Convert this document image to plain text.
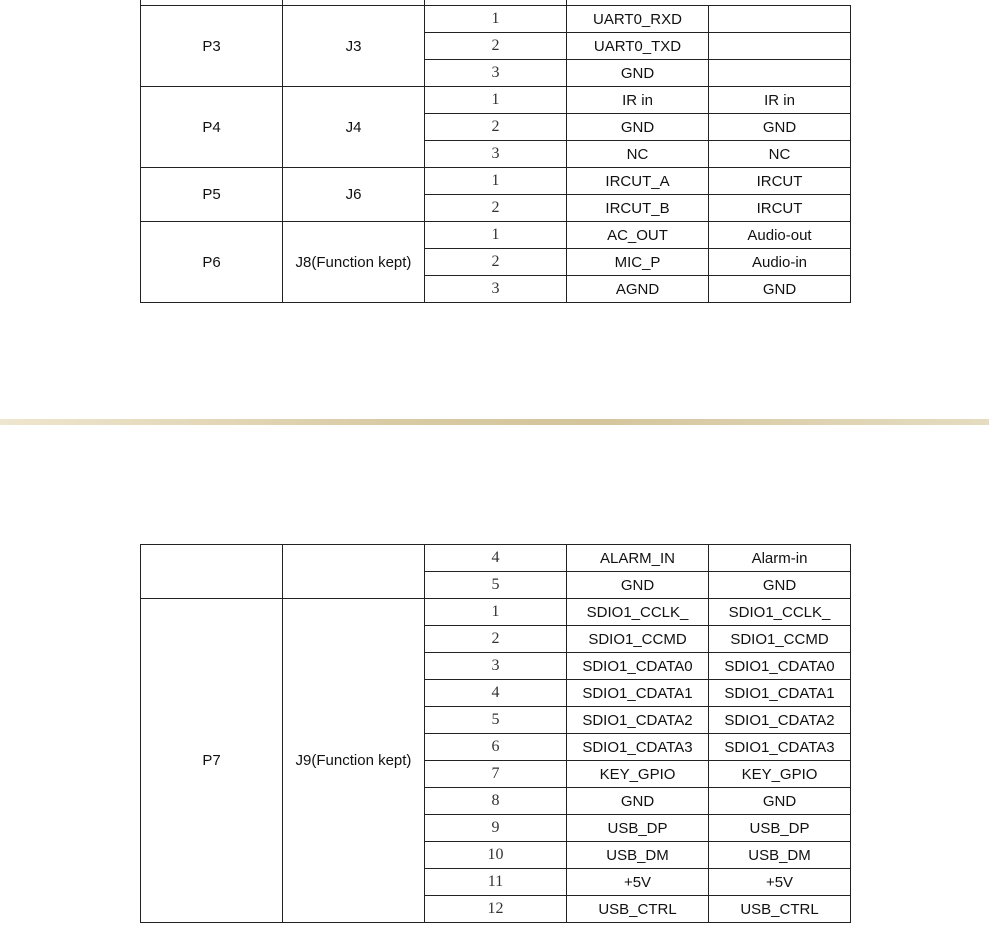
P3	J3	1	UART0_RXD	
		2	UART0_TXD	
		3	GND	
P4	J4	1	IR in	IR in
		2	GND	GND
		3	NC	NC
P5	J6	1	IRCUT_A	IRCUT
		2	IRCUT_B	IRCUT
P6	J8(Function kept)	1	AC_OUT	Audio-out
		2	MIC_P	Audio-in
		3	AGND	GND
		4	ALARM_IN	Alarm-in
		5	GND	GND
P7	J9(Function kept)	1	SDIO1_CCLK_	SDIO1_CCLK_
		2	SDIO1_CCMD	SDIO1_CCMD
		3	SDIO1_CDATA0	SDIO1_CDATA0
		4	SDIO1_CDATA1	SDIO1_CDATA1
		5	SDIO1_CDATA2	SDIO1_CDATA2
		6	SDIO1_CDATA3	SDIO1_CDATA3
		7	KEY_GPIO	KEY_GPIO
		8	GND	GND
		9	USB_DP	USB_DP
		10	USB_DM	USB_DM
		11	+5V	+5V
		12	USB_CTRL	USB_CTRL
